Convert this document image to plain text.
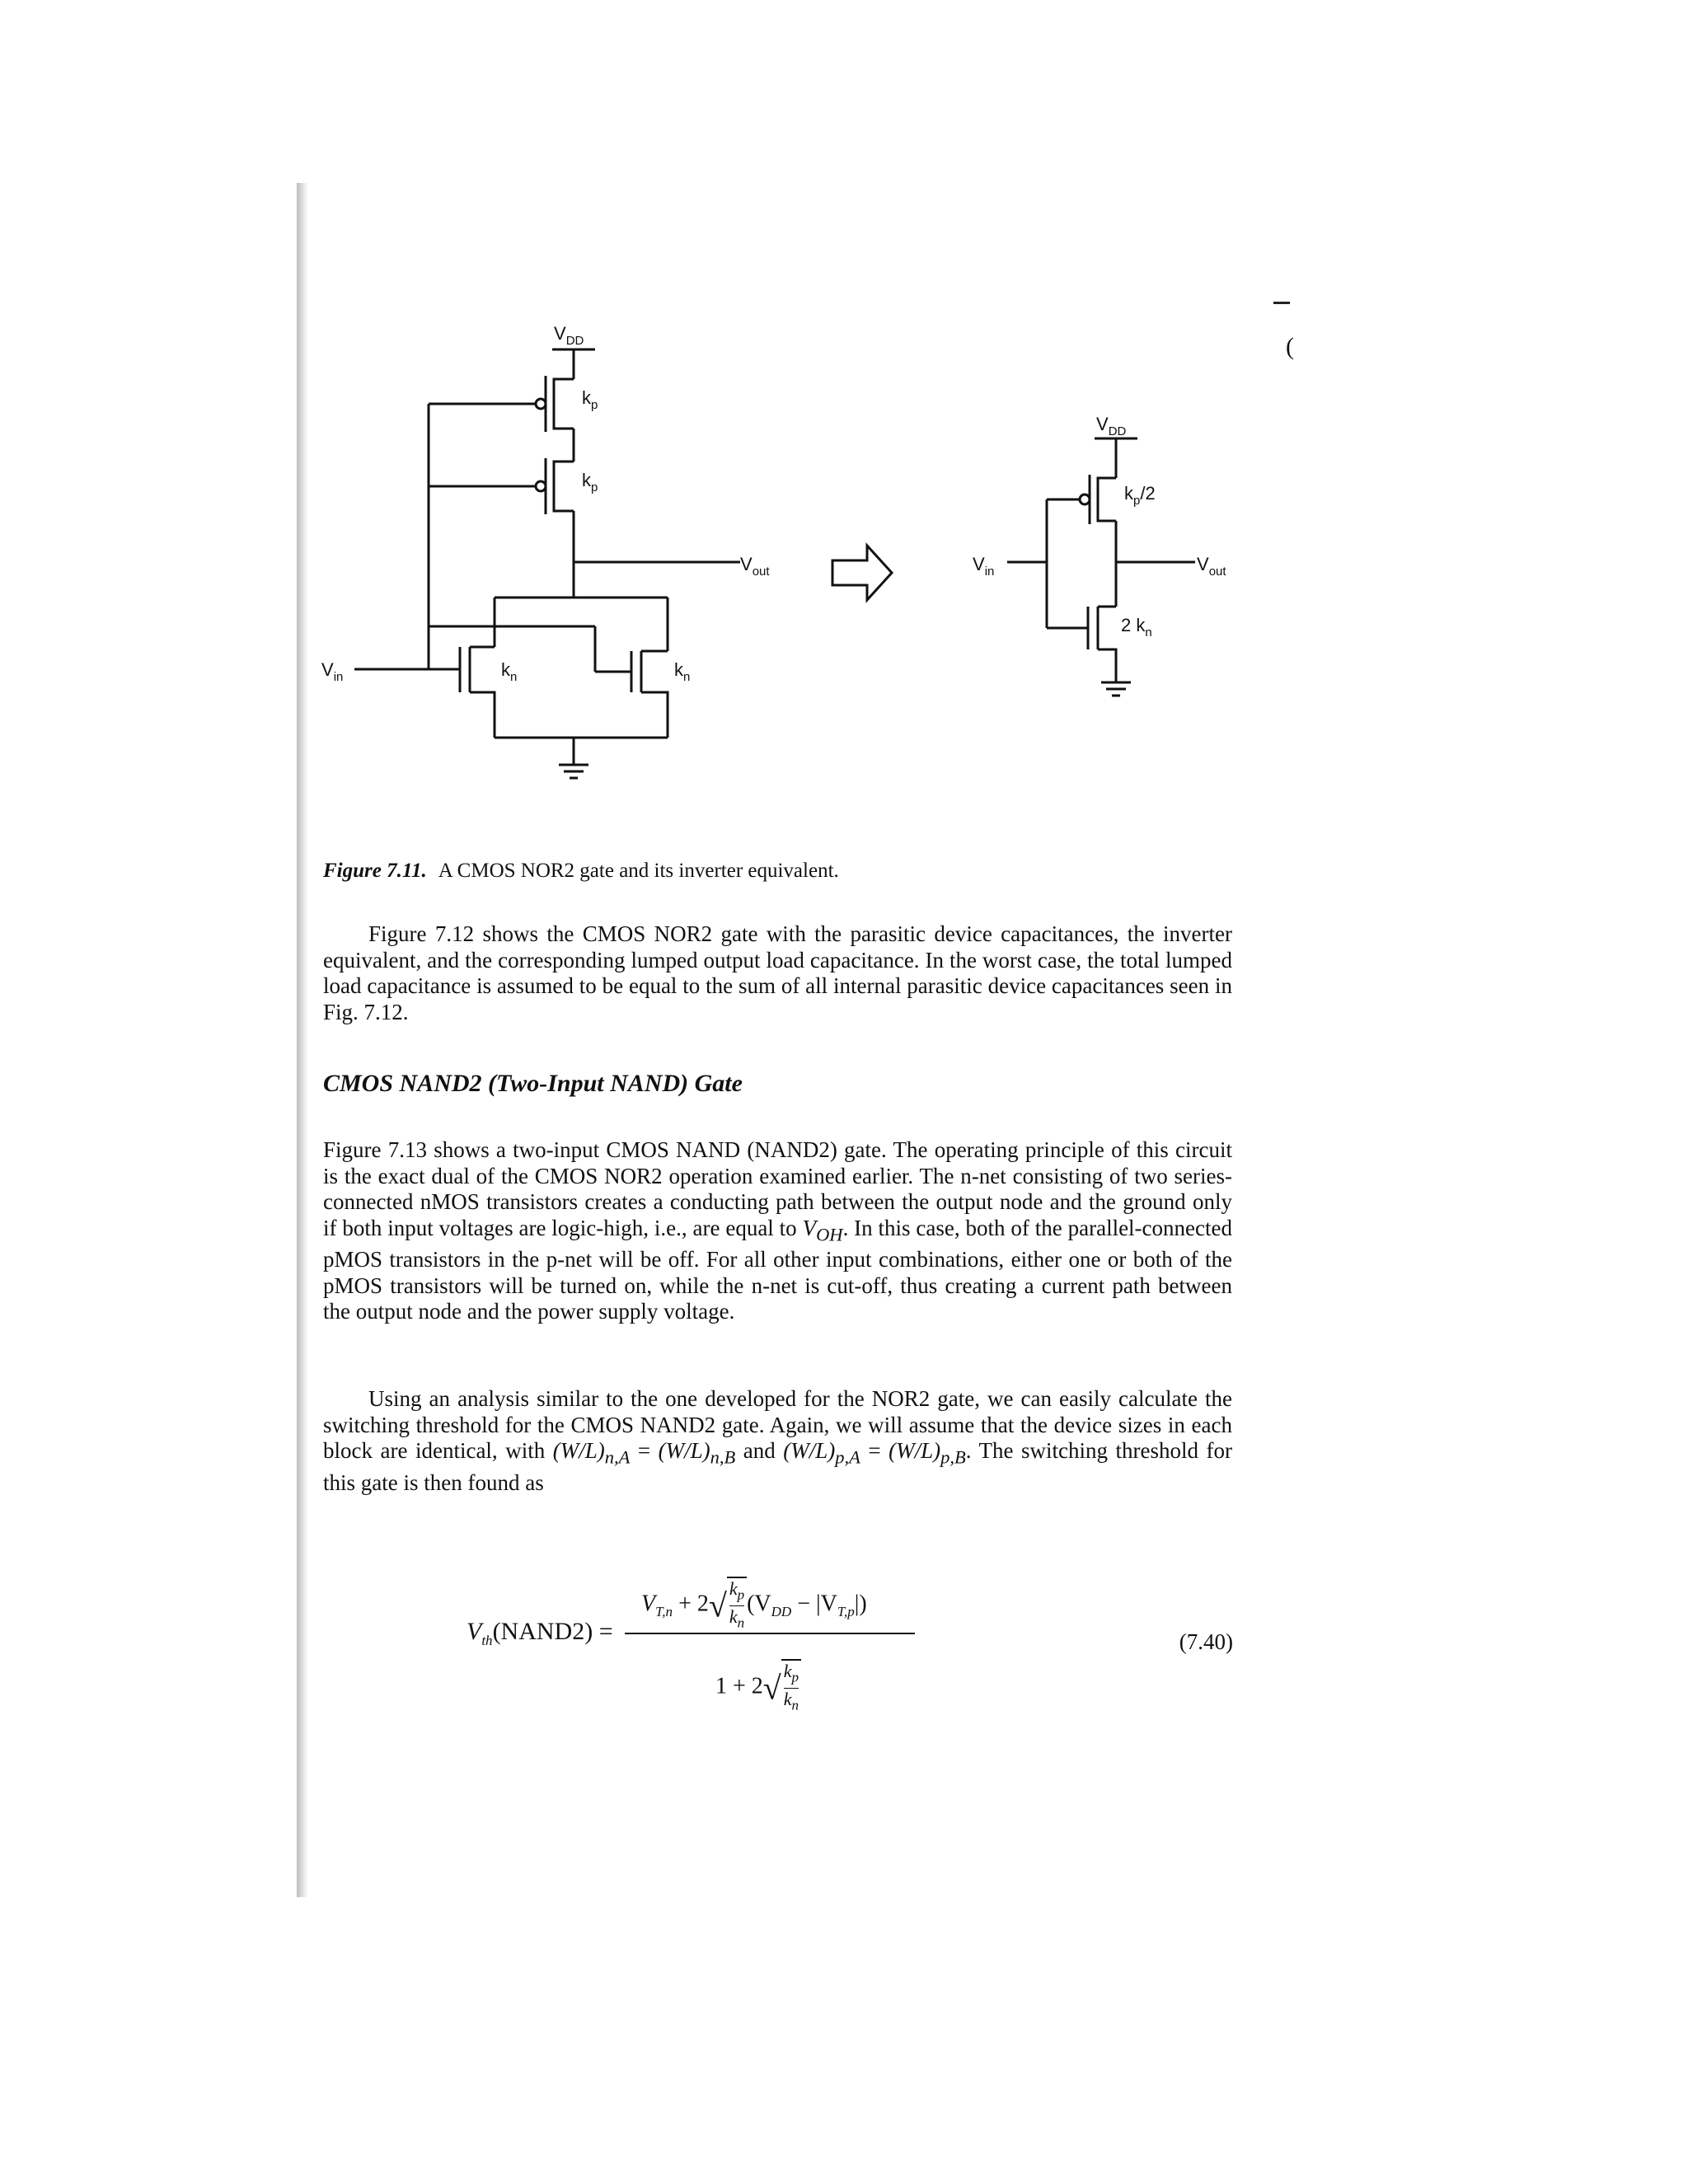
(
$V_{DD}$
$k_p$
$k_p$
$V_{out}$
$V_{in}$	$k_n$	$k_n$
$V_{DD}$
$k_p/2$
$V_{out}$
$V_{in}$
2 $k_n$
Figure 7.11. A CMOS NOR2 gate and its inverter equivalent.
Figure 7.12 shows the CMOS NOR2 gate with the parasitic device capacitances, the inverter equivalent, and the corresponding lumped output load capacitance. In the worst case, the total lumped load capacitance is assumed to be equal to the sum of all internal parasitic device capacitances seen in Fig. 7.12.
CMOS NAND2 (Two-Input NAND) Gate
Figure 7.13 shows a two-input CMOS NAND (NAND2) gate. The operating principle of this circuit is the exact dual of the CMOS NOR2 operation examined earlier. The n-net consisting of two series-connected nMOS transistors creates a conducting path between the output node and the ground only if both input voltages are logic-high, i.e., are equal to $V_{OH}$. In this case, both of the parallel-connected pMOS transistors in the p-net will be off. For all other input combinations, either one or both of the pMOS transistors will be turned on, while the n-net is cut-off, thus creating a current path between the output node and the power supply voltage.
Using an analysis similar to the one developed for the NOR2 gate, we can easily calculate the switching threshold for the CMOS NAND2 gate. Again, we will assume that the device sizes in each block are identical, with $(W/L)_{n,A} = (W/L)_{n,B}$ and $(W/L)_{p,A} = (W/L)_{p,B}$. The switching threshold for this gate is then found as
$V_{th}(NAND2)$ =
$V_{T,n} + 2√$ $k_p$
$k_n$
$(V_{DD} - |V_{T,p}|)$
1 + 2√ $k_p$
$k_n$
(7.40)
